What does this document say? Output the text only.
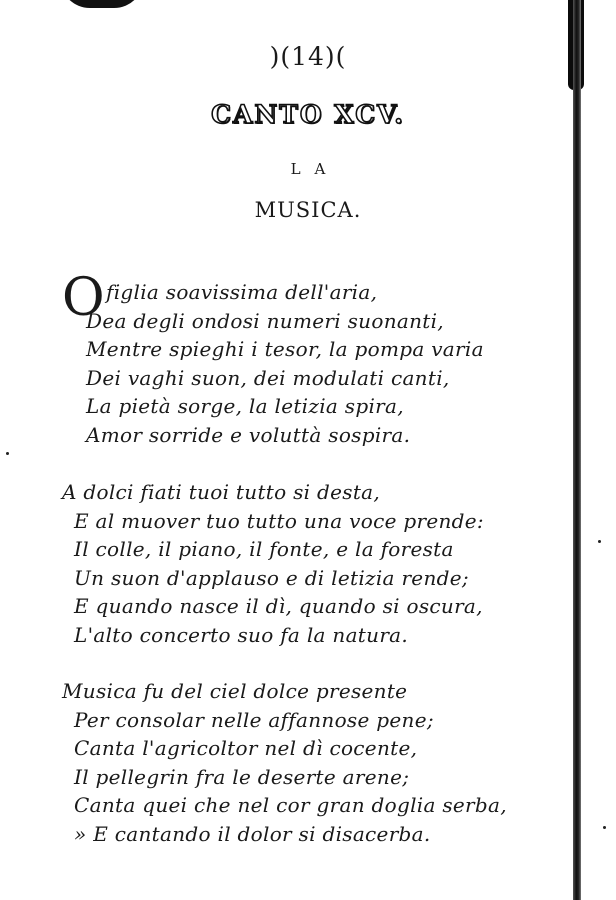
)(14)(
CANTO XCV.
LA
MUSICA.
O figlia soavissima dell'aria,
Dea degli ondosi numeri suonanti,
Mentre spieghi i tesor, la pompa varia
Dei vaghi suon, dei modulati canti,
La pietà sorge, la letizia spira,
Amor sorride e voluttà sospira.
A dolci fiati tuoi tutto si desta,
E al muover tuo tutto una voce prende:
Il colle, il piano, il fonte, e la foresta
Un suon d'applauso e di letizia rende;
E quando nasce il dì, quando si oscura,
L'alto concerto suo fa la natura.
Musica fu del ciel dolce presente
Per consolar nelle affannose pene;
Canta l'agricoltor nel dì cocente,
Il pellegrin fra le deserte arene;
Canta quei che nel cor gran doglia serba,
» E cantando il dolor si disacerba.
